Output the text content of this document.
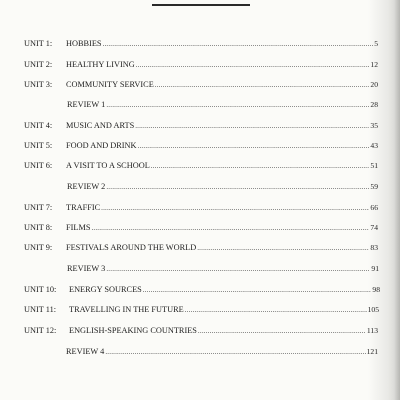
UNIT 1: HOBBIES .....	5
UNIT 2: HEALTHY LIVING .....	12
UNIT 3: COMMUNITY SERVICE .....	20
REVIEW 1 .....	28
UNIT 4: MUSIC AND ARTS .....	35
UNIT 5: FOOD AND DRINK .....	43
UNIT 6: A VISIT TO A SCHOOL .....	51
REVIEW 2 .....	59
UNIT 7: TRAFFIC .....	66
UNIT 8: FILMS .....	74
UNIT 9: FESTIVALS AROUND THE WORLD .....	83
REVIEW 3 .....	91
UNIT 10: ENERGY SOURCES .....	98
UNIT 11: TRAVELLING IN THE FUTURE .....	105
UNIT 12: ENGLISH-SPEAKING COUNTRIES .....	113
REVIEW 4 .....	121
